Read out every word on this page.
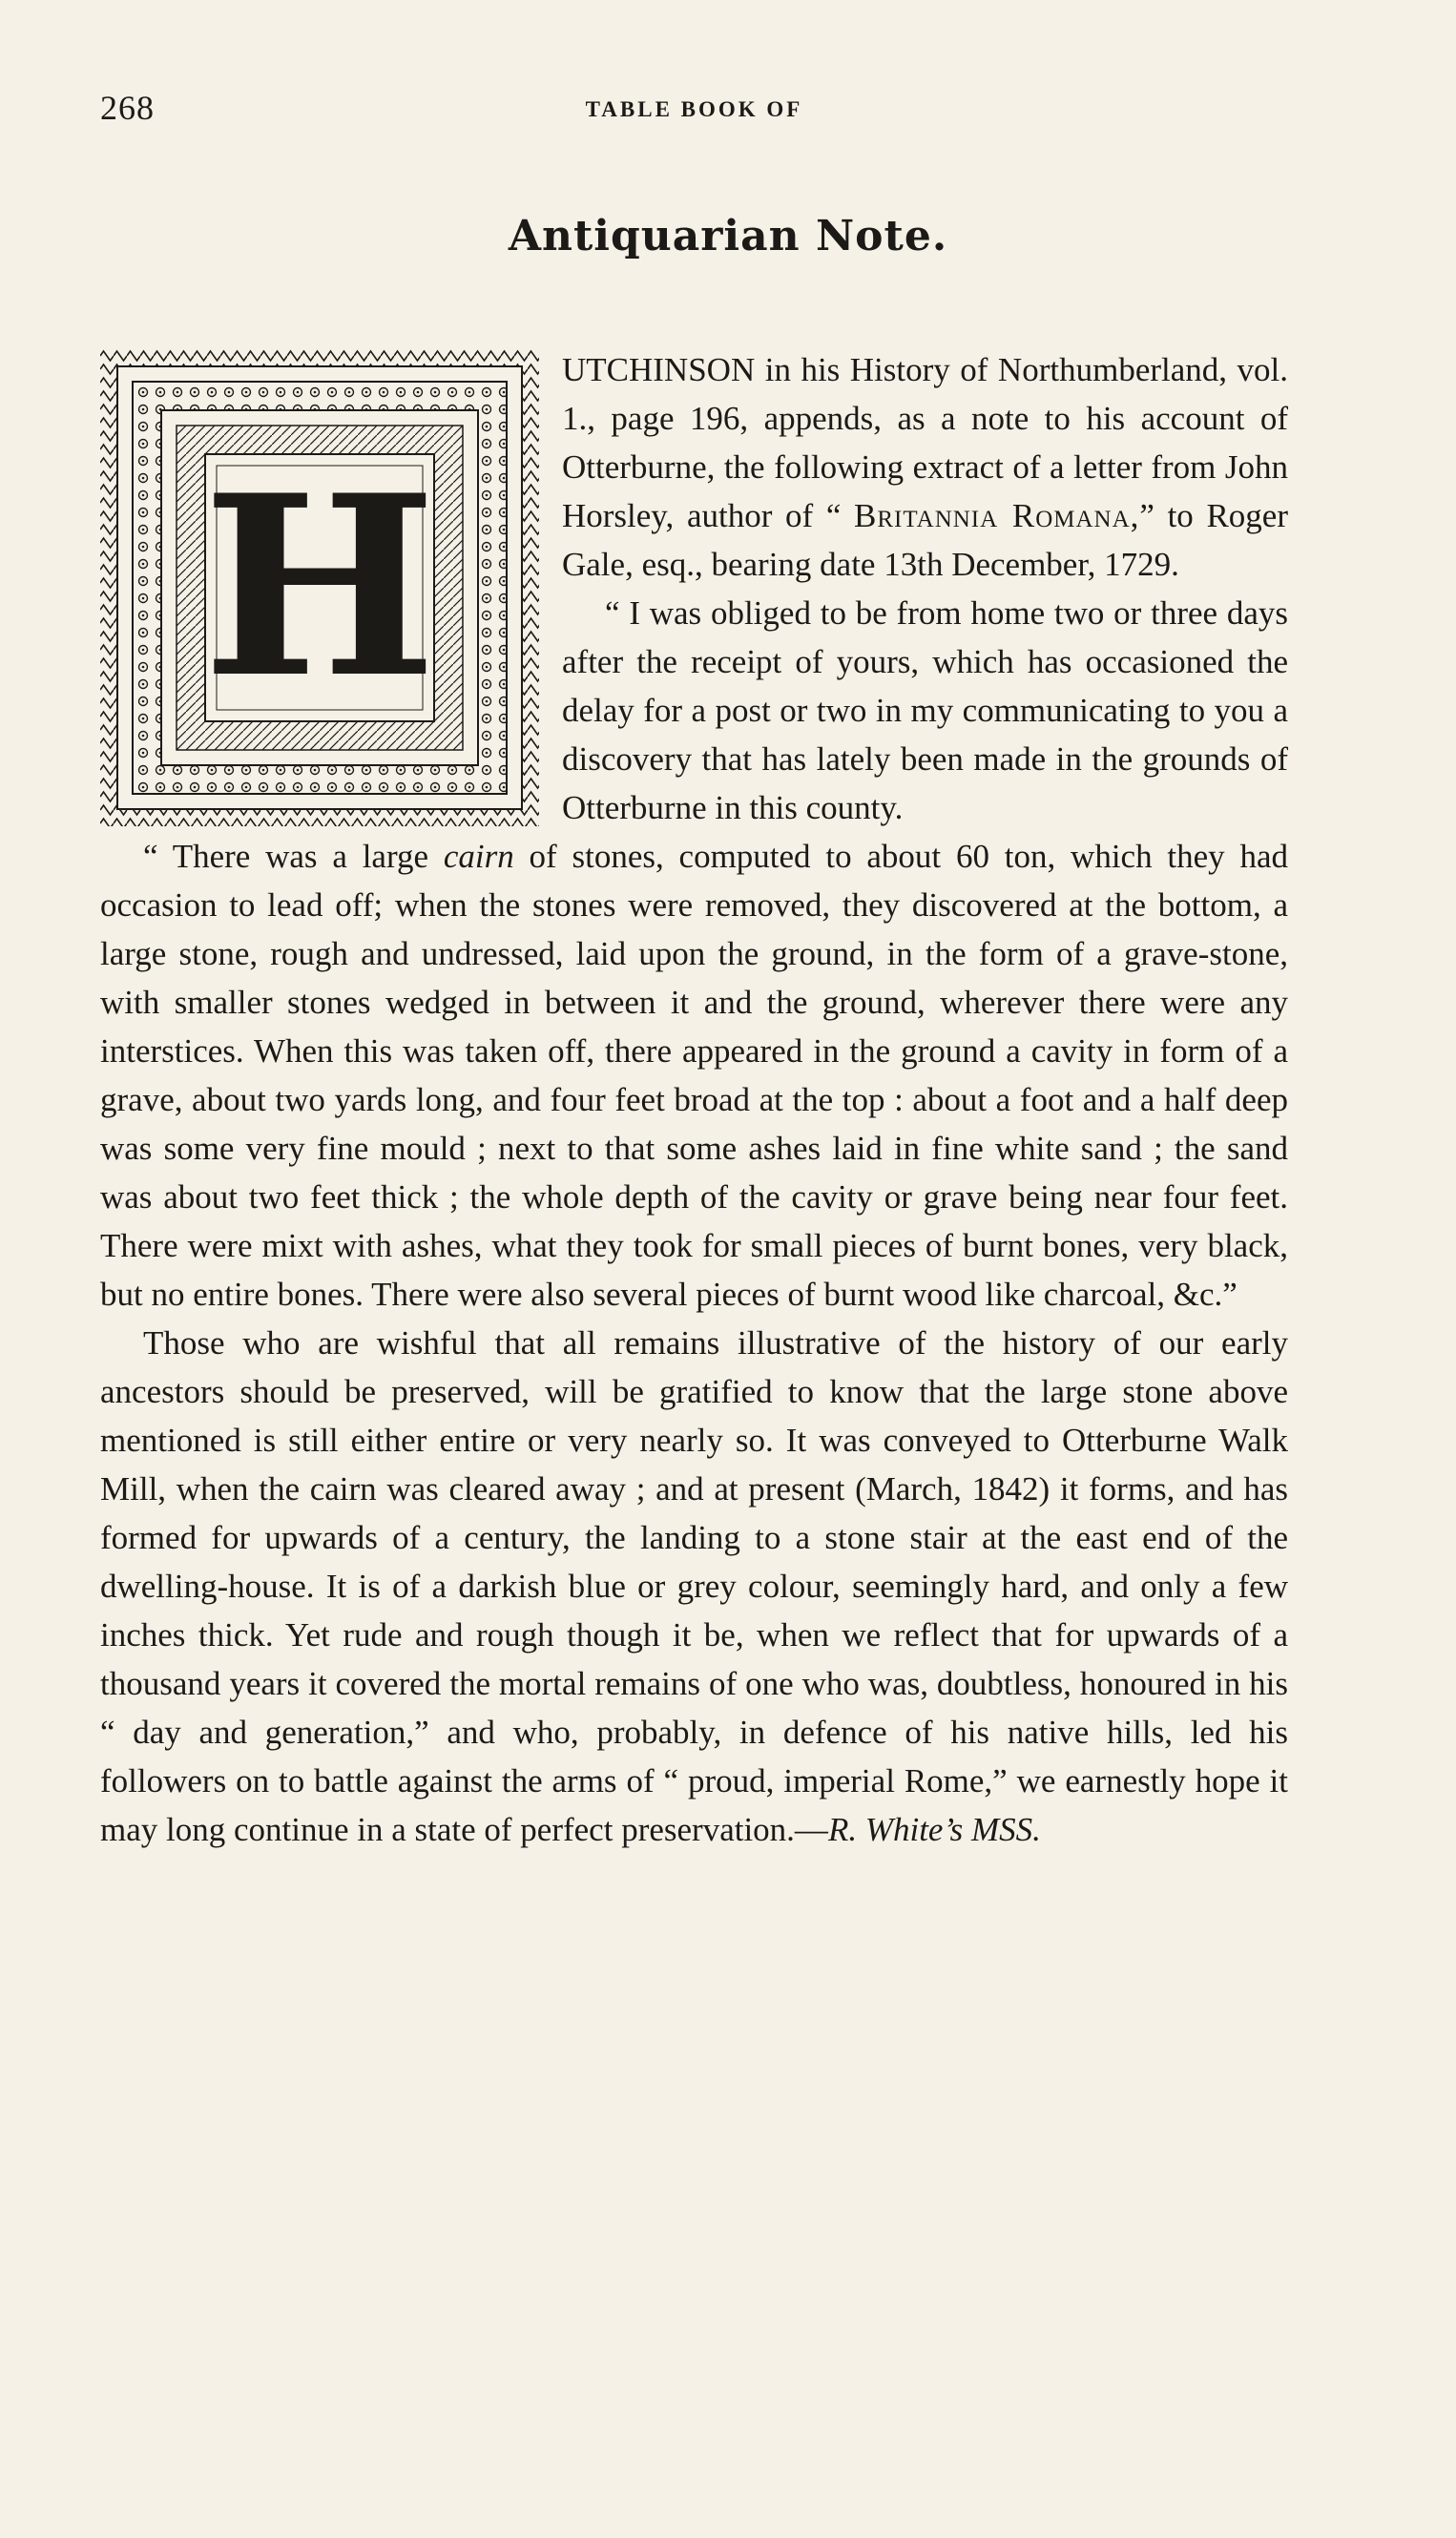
268	TABLE BOOK OF
Antiquarian Note.
H

UTCHINSON in his History of Northumberland, vol. 1., page 196, appends, as a note to his account of Otterburne, the following extract of a letter from John Horsley, author of “ Britannia Romana,” to Roger Gale, esq., bearing date 13th December, 1729.

“ I was obliged to be from home two or three days after the receipt of yours, which has occasioned the delay for a post or two in my communicating to you a discovery that has lately been made in the grounds of Otterburne in this county.

“ There was a large cairn of stones, computed to about 60 ton, which they had occasion to lead off; when the stones were removed, they discovered at the bottom, a large stone, rough and undressed, laid upon the ground, in the form of a grave-stone, with smaller stones wedged in between it and the ground, wherever there were any interstices. When this was taken off, there appeared in the ground a cavity in form of a grave, about two yards long, and four feet broad at the top : about a foot and a half deep was some very fine mould ; next to that some ashes laid in fine white sand ; the sand was about two feet thick ; the whole depth of the cavity or grave being near four feet. There were mixt with ashes, what they took for small pieces of burnt bones, very black, but no entire bones. There were also several pieces of burnt wood like charcoal, &c.”

Those who are wishful that all remains illustrative of the history of our early ancestors should be preserved, will be gratified to know that the large stone above mentioned is still either entire or very nearly so. It was conveyed to Otterburne Walk Mill, when the cairn was cleared away ; and at present (March, 1842) it forms, and has formed for upwards of a century, the landing to a stone stair at the east end of the dwelling-house. It is of a darkish blue or grey colour, seemingly hard, and only a few inches thick. Yet rude and rough though it be, when we reflect that for upwards of a thousand years it covered the mortal remains of one who was, doubtless, honoured in his “ day and generation,” and who, probably, in defence of his native hills, led his followers on to battle against the arms of “ proud, imperial Rome,” we earnestly hope it may long continue in a state of perfect preservation.—R. White’s MSS.
